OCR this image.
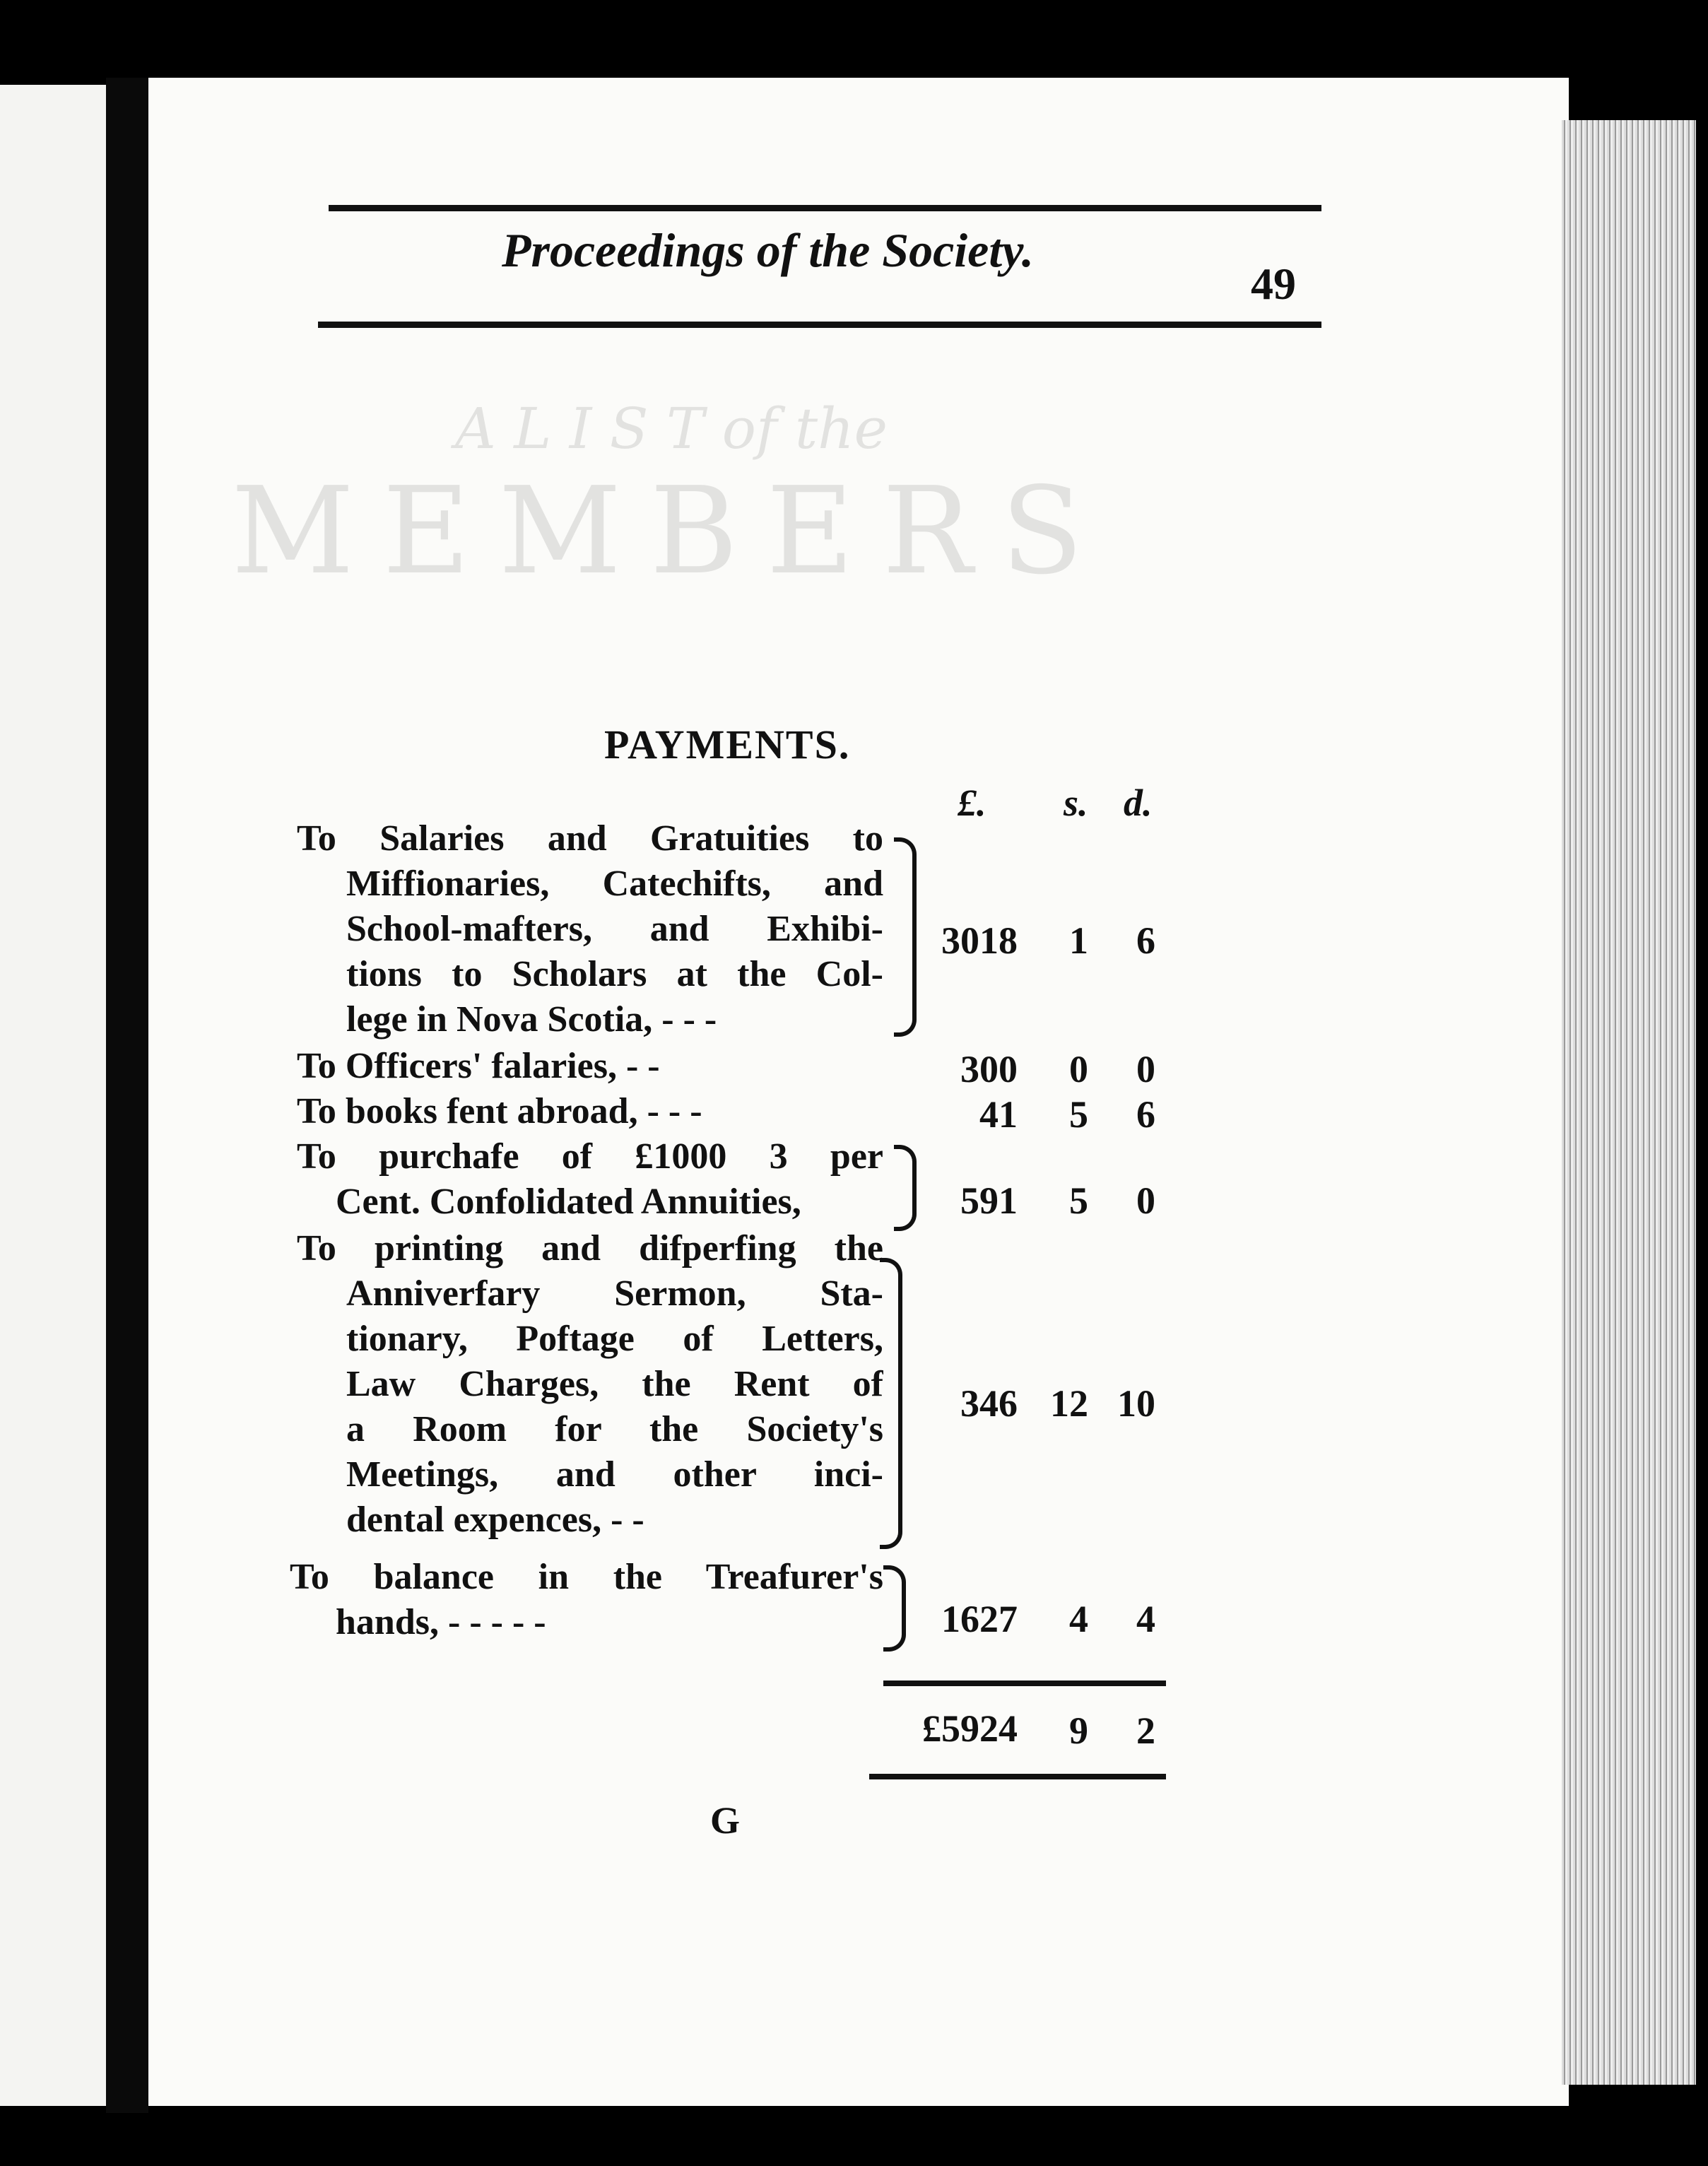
A L I S T of the
MEMBERS
Proceedings of the Society.
49
PAYMENTS.
£. s. d.
To Salaries and Gratuities to
Miffionaries, Catechifts, and
School-mafters, and Exhibi-
tions to Scholars at the Col-
lege in Nova Scotia, - - -
3018	1	6
To Officers' falaries, - -	300	0	0
To books fent abroad, - - -	41	5	6
To purchafe of £1000 3 per
Cent. Confolidated Annuities,	591	5	0
To printing and difperfing the
Anniverfary Sermon, Sta-
tionary, Poftage of Letters,
Law Charges, the Rent of
a Room for the Society's
Meetings, and other inci-
dental expences, - -
346 12 10
To balance in the Treafurer's
hands, - - - - -	1627	4	4
£5924	9	2
G
